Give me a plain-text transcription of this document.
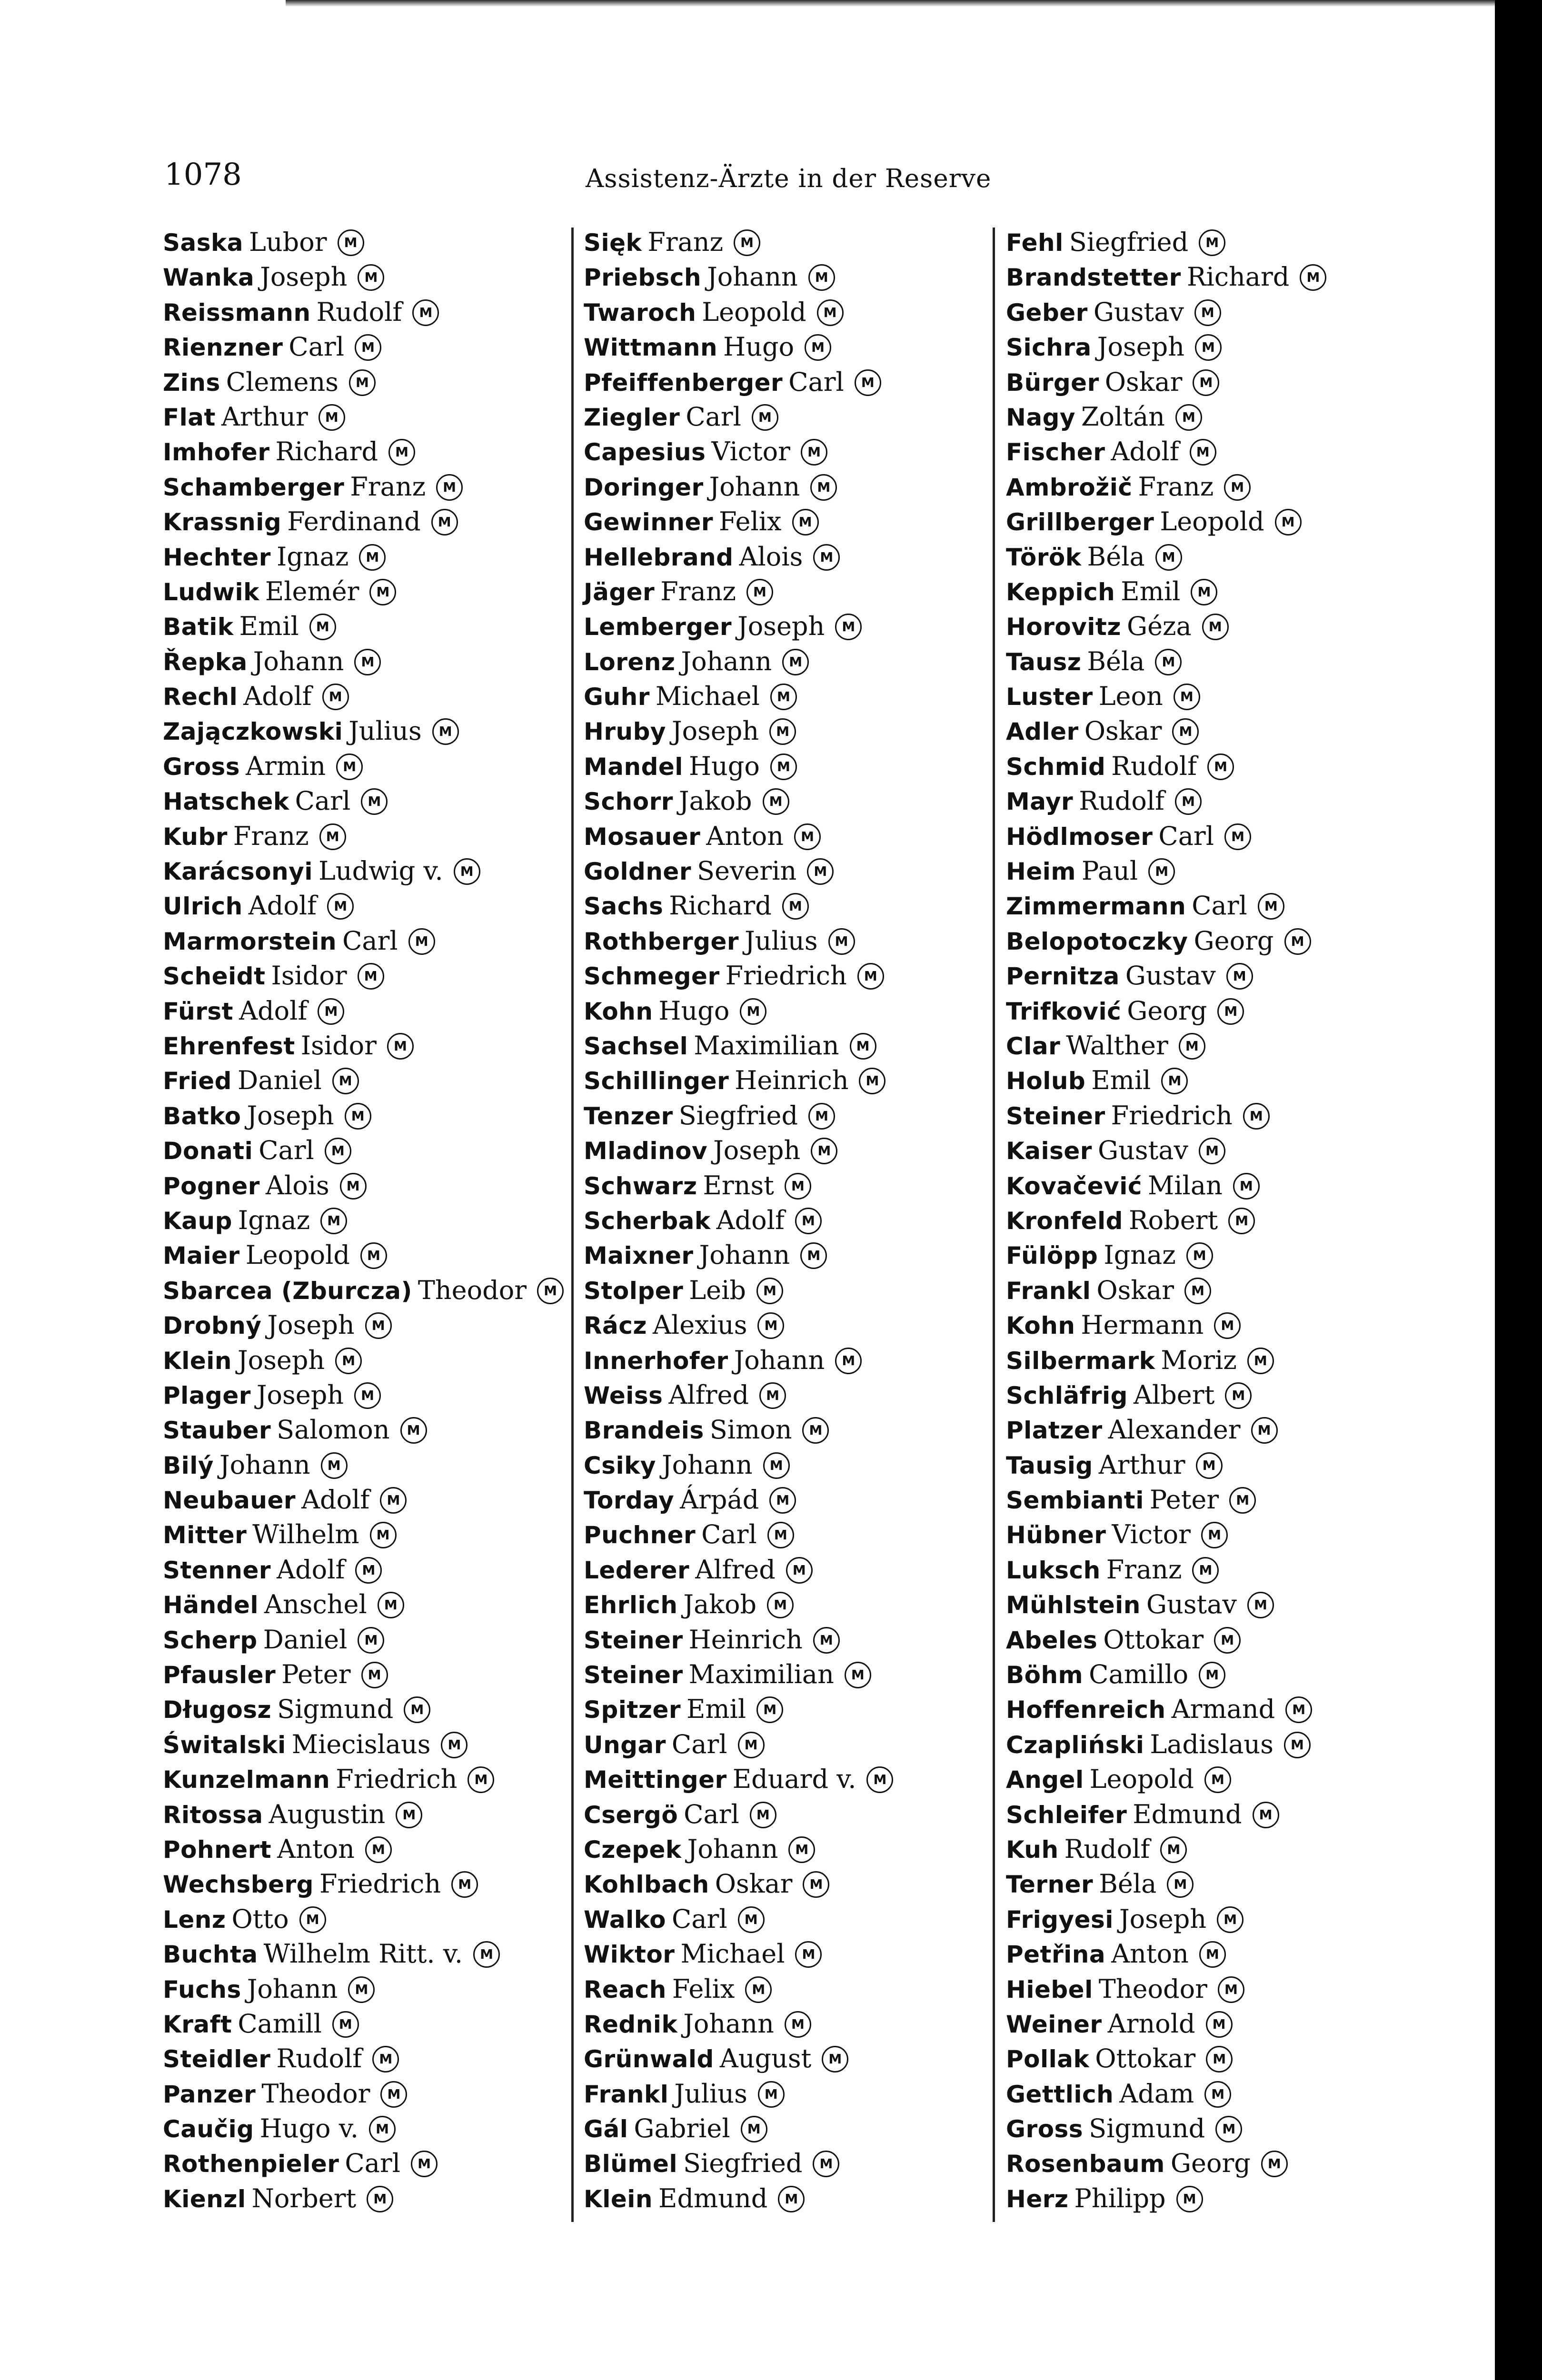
1078	Assistenz-Ärzte in der Reserve
Saska Lubor M
Wanka Joseph M
Reissmann Rudolf M
Rienzner Carl M
Zins Clemens M
Flat Arthur M
Imhofer Richard M
Schamberger Franz M
Krassnig Ferdinand M
Hechter Ignaz M
Ludwik Elemér M
Batik Emil M
Řepka Johann M
Rechl Adolf M
Zajączkowski Julius M
Gross Armin M
Hatschek Carl M
Kubr Franz M
Karácsonyi Ludwig v. M
Ulrich Adolf M
Marmorstein Carl M
Scheidt Isidor M
Fürst Adolf M
Ehrenfest Isidor M
Fried Daniel M
Batko Joseph M
Donati Carl M
Pogner Alois M
Kaup Ignaz M
Maier Leopold M
Sbarcea (Zburcza) Theodor M
Drobný Joseph M
Klein Joseph M
Plager Joseph M
Stauber Salomon M
Bilý Johann M
Neubauer Adolf M
Mitter Wilhelm M
Stenner Adolf M
Händel Anschel M
Scherp Daniel M
Pfausler Peter M
Długosz Sigmund M
Świtalski Miecislaus M
Kunzelmann Friedrich M
Ritossa Augustin M
Pohnert Anton M
Wechsberg Friedrich M
Lenz Otto M
Buchta Wilhelm Ritt. v. M
Fuchs Johann M
Kraft Camill M
Steidler Rudolf M
Panzer Theodor M
Caučig Hugo v. M
Rothenpieler Carl M
Kienzl Norbert M
Sięk Franz M
Priebsch Johann M
Twaroch Leopold M
Wittmann Hugo M
Pfeiffenberger Carl M
Ziegler Carl M
Capesius Victor M
Doringer Johann M
Gewinner Felix M
Hellebrand Alois M
Jäger Franz M
Lemberger Joseph M
Lorenz Johann M
Guhr Michael M
Hruby Joseph M
Mandel Hugo M
Schorr Jakob M
Mosauer Anton M
Goldner Severin M
Sachs Richard M
Rothberger Julius M
Schmeger Friedrich M
Kohn Hugo M
Sachsel Maximilian M
Schillinger Heinrich M
Tenzer Siegfried M
Mladinov Joseph M
Schwarz Ernst M
Scherbak Adolf M
Maixner Johann M
Stolper Leib M
Rácz Alexius M
Innerhofer Johann M
Weiss Alfred M
Brandeis Simon M
Csiky Johann M
Torday Árpád M
Puchner Carl M
Lederer Alfred M
Ehrlich Jakob M
Steiner Heinrich M
Steiner Maximilian M
Spitzer Emil M
Ungar Carl M
Meittinger Eduard v. M
Csergö Carl M
Czepek Johann M
Kohlbach Oskar M
Walko Carl M
Wiktor Michael M
Reach Felix M
Rednik Johann M
Grünwald August M
Frankl Julius M
Gál Gabriel M
Blümel Siegfried M
Klein Edmund M
Fehl Siegfried M
Brandstetter Richard M
Geber Gustav M
Sichra Joseph M
Bürger Oskar M
Nagy Zoltán M
Fischer Adolf M
Ambrožič Franz M
Grillberger Leopold M
Török Béla M
Keppich Emil M
Horovitz Géza M
Tausz Béla M
Luster Leon M
Adler Oskar M
Schmid Rudolf M
Mayr Rudolf M
Hödlmoser Carl M
Heim Paul M
Zimmermann Carl M
Belopotoczky Georg M
Pernitza Gustav M
Trifković Georg M
Clar Walther M
Holub Emil M
Steiner Friedrich M
Kaiser Gustav M
Kovačević Milan M
Kronfeld Robert M
Fülöpp Ignaz M
Frankl Oskar M
Kohn Hermann M
Silbermark Moriz M
Schläfrig Albert M
Platzer Alexander M
Tausig Arthur M
Sembianti Peter M
Hübner Victor M
Luksch Franz M
Mühlstein Gustav M
Abeles Ottokar M
Böhm Camillo M
Hoffenreich Armand M
Czapliński Ladislaus M
Angel Leopold M
Schleifer Edmund M
Kuh Rudolf M
Terner Béla M
Frigyesi Joseph M
Petřina Anton M
Hiebel Theodor M
Weiner Arnold M
Pollak Ottokar M
Gettlich Adam M
Gross Sigmund M
Rosenbaum Georg M
Herz Philipp M
